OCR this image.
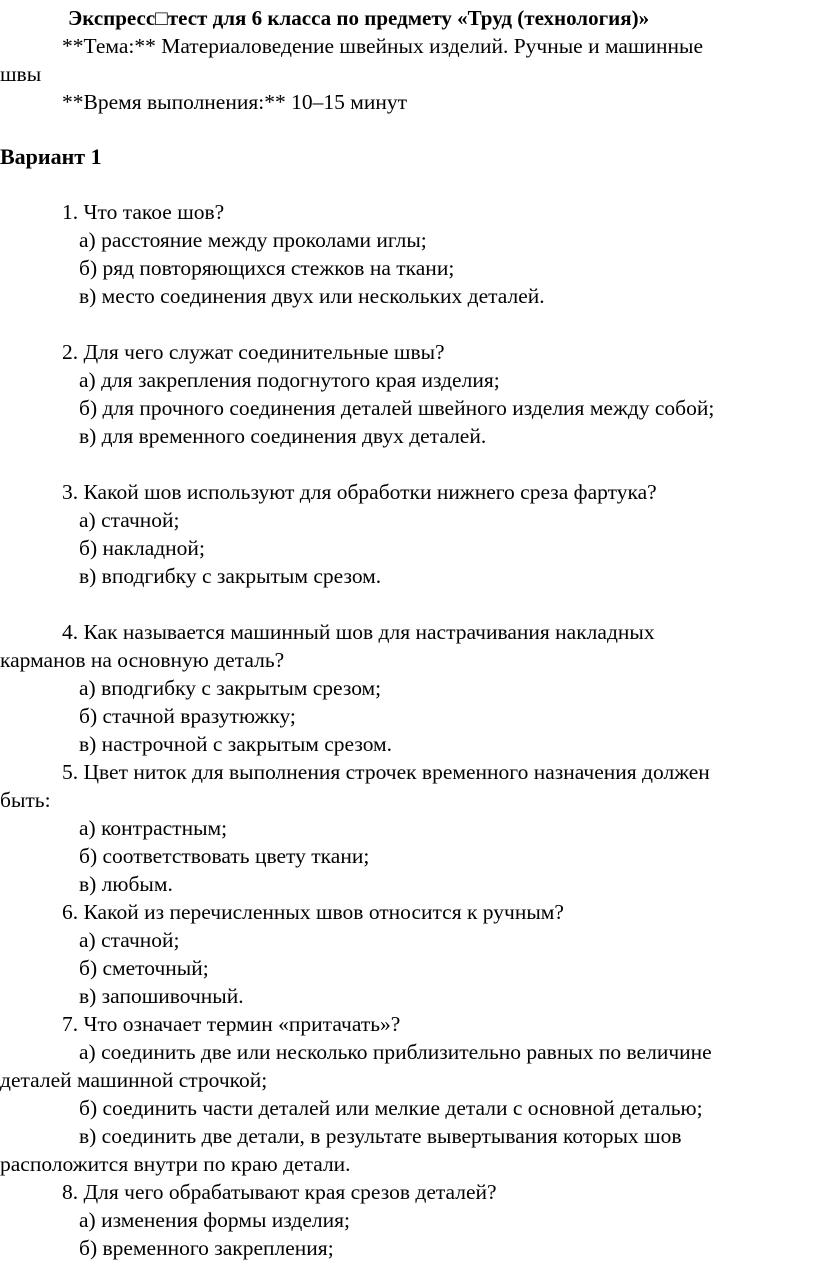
Экспресс□тест для 6 класса по предмету «Труд (технология)»
**Тема:** Материаловедение швейных изделий. Ручные и машинные
швы
**Время выполнения:** 10–15 минут
Вариант 1
1. Что такое шов?
а) расстояние между проколами иглы;
б) ряд повторяющихся стежков на ткани;
в) место соединения двух или нескольких деталей.
2. Для чего служат соединительные швы?
а) для закрепления подогнутого края изделия;
б) для прочного соединения деталей швейного изделия между собой;
в) для временного соединения двух деталей.
3. Какой шов используют для обработки нижнего среза фартука?
а) стачной;
б) накладной;
в) вподгибку с закрытым срезом.
4. Как называется машинный шов для настрачивания накладных
карманов на основную деталь?
а) вподгибку с закрытым срезом;
б) стачной вразутюжку;
в) настрочной с закрытым срезом.
5. Цвет ниток для выполнения строчек временного назначения должен
быть:
а) контрастным;
б) соответствовать цвету ткани;
в) любым.
6. Какой из перечисленных швов относится к ручным?
а) стачной;
б) сметочный;
в) запошивочный.
7. Что означает термин «притачать»?
а) соединить две или несколько приблизительно равных по величине
деталей машинной строчкой;
б) соединить части деталей или мелкие детали с основной деталью;
в) соединить две детали, в результате вывертывания которых шов
расположится внутри по краю детали.
8. Для чего обрабатывают края срезов деталей?
а) изменения формы изделия;
б) временного закрепления;
